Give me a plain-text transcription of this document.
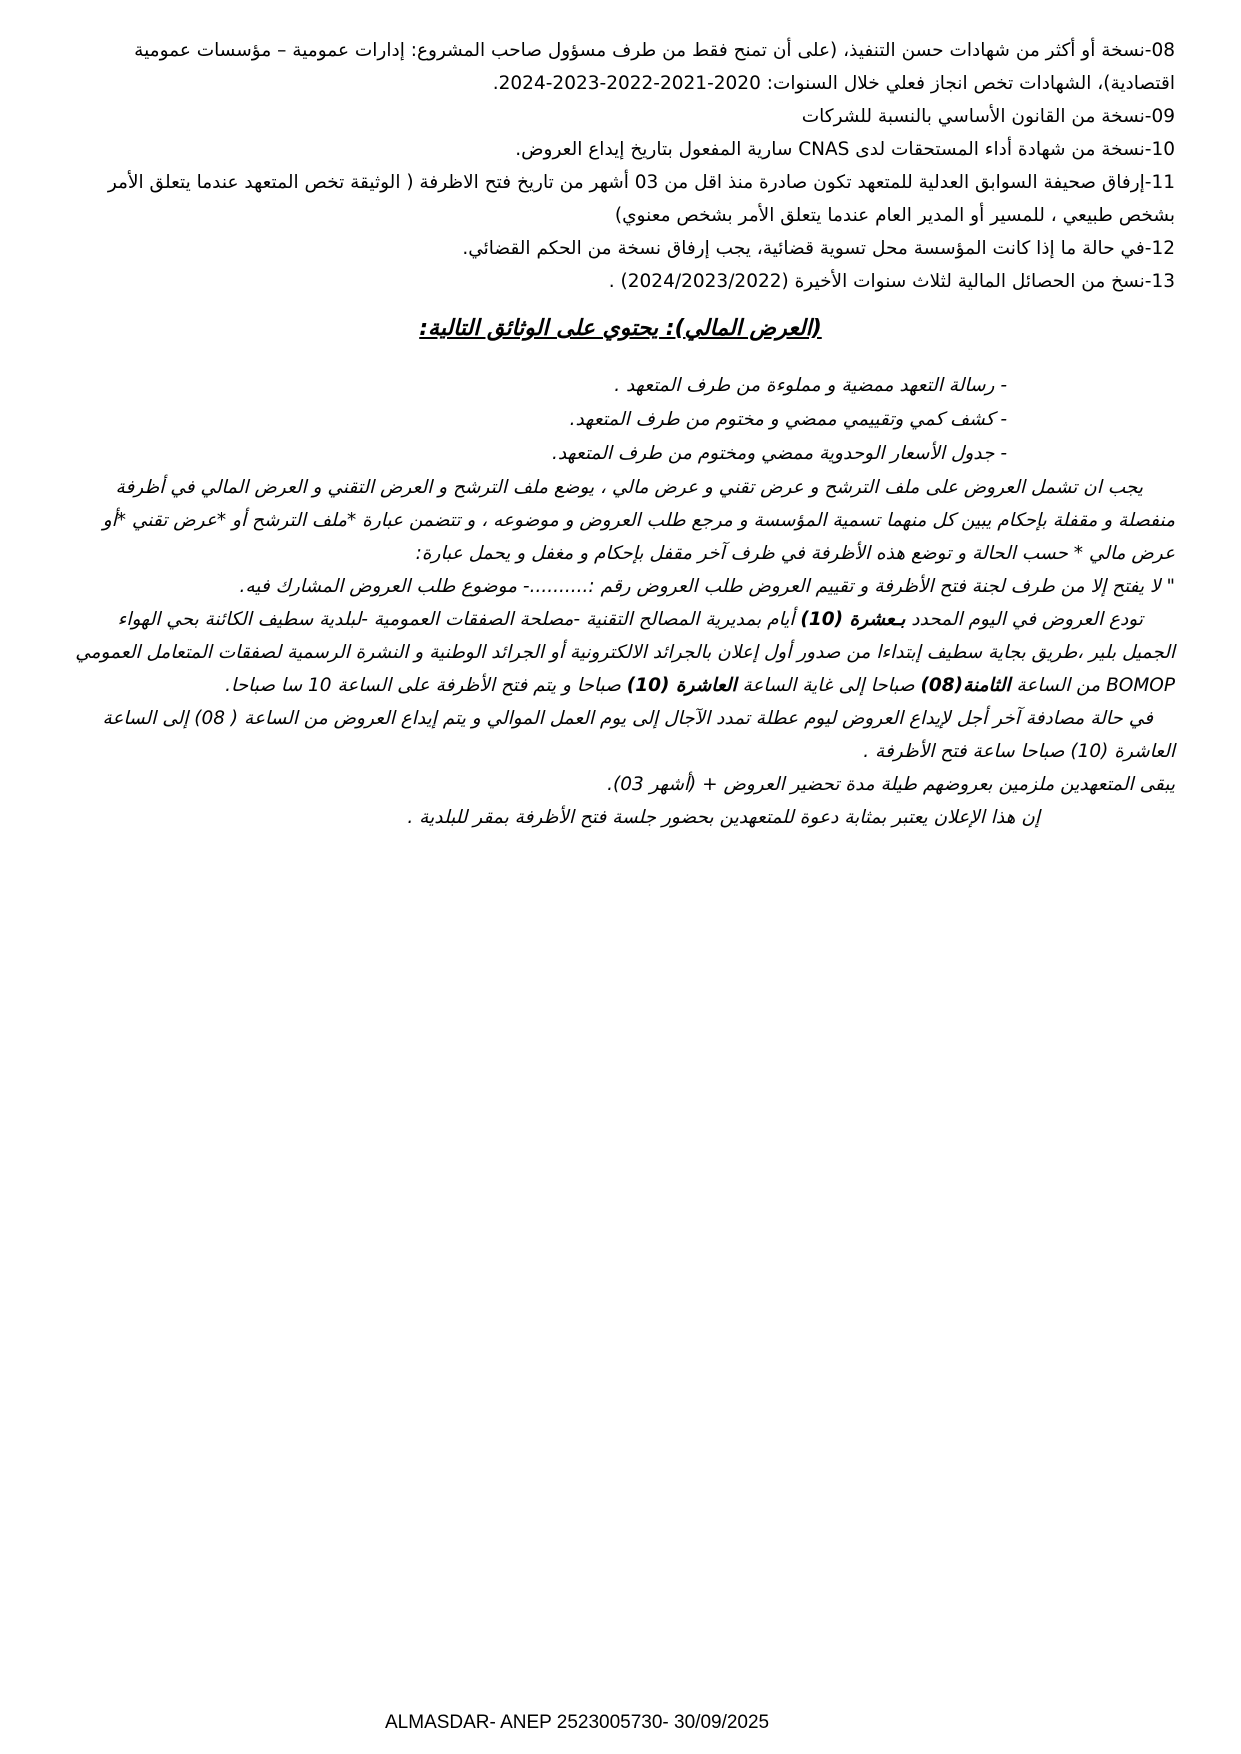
08-نسخة أو أكثر من شهادات حسن التنفيذ، (على أن تمنح فقط من طرف مسؤول صاحب المشروع: إدارات عمومية – مؤسسات عمومية اقتصادية)، الشهادات تخص انجاز فعلي خلال السنوات: 2020-‏2021-‏2022-‏2023-‏2024.
09-نسخة من القانون الأساسي بالنسبة للشركات
10-نسخة من شهادة أداء المستحقات لدى CNAS سارية المفعول بتاريخ إيداع العروض.
11-إرفاق صحيفة السوابق العدلية للمتعهد تكون صادرة منذ اقل من 03 أشهر من تاريخ فتح الاظرفة ( الوثيقة تخص المتعهد عندما يتعلق الأمر بشخص طبيعي ، للمسير أو المدير العام عندما يتعلق الأمر بشخص معنوي)
12-في حالة ما إذا كانت المؤسسة محل تسوية قضائية، يجب إرفاق نسخة من الحكم القضائي.
13-نسخ من الحصائل المالية لثلاث سنوات الأخيرة (2022/‏2023/‏2024) .
(العرض المالي): يحتوي على الوثائق التالية:
- رسالة التعهد ممضية و مملوءة من طرف المتعهد .
- كشف كمي وتقييمي ممضي و مختوم من طرف المتعهد.
- جدول الأسعار الوحدوية ممضي ومختوم من طرف المتعهد.

يجب ان تشمل العروض على ملف الترشح و عرض تقني و عرض مالي ، يوضع ملف الترشح و العرض التقني و العرض المالي في أظرفة منفصلة و مقفلة بإحكام يبين كل منهما تسمية المؤسسة و مرجع طلب العروض و موضوعه ، و تتضمن عبارة *ملف الترشح أو *عرض تقني *أو عرض مالي * حسب الحالة و توضع هذه الأظرفة في ظرف آخر مقفل بإحكام و مغفل و يحمل عبارة:

" لا يفتح إلا من طرف لجنة فتح الأظرفة و تقييم العروض طلب العروض رقم :..........- موضوع طلب العروض المشارك فيه.

تودع العروض في اليوم المحدد بـعشرة (10) أيام بمديرية المصالح التقنية -مصلحة الصفقات العمومية -لبلدية سطيف الكائنة بحي الهواء الجميل بلير ،طريق بجاية سطيف إبتداءا من صدور أول إعلان بالجرائد الالكترونية أو الجرائد الوطنية و النشرة الرسمية لصفقات المتعامل العمومي BOMOP من الساعة الثامنة(08) صباحا إلى غاية الساعة العاشرة (10) صباحا و يتم فتح الأظرفة على الساعة 10 سا صباحا.

في حالة مصادفة آخر أجل لإيداع العروض ليوم عطلة تمدد الآجال إلى يوم العمل الموالي و يتم إيداع العروض من الساعة ⁦(08 )⁩ إلى الساعة العاشرة (10) صباحا ساعة فتح الأظرفة .

يبقى المتعهدين ملزمين بعروضهم طيلة مدة تحضير العروض + ⁦(03 أشهر)⁩.

إن هذا الإعلان يعتبر بمثابة دعوة للمتعهدين بحضور جلسة فتح الأظرفة بمقر للبلدية .

ALMASDAR- ANEP 2523005730- 30/09/2025
